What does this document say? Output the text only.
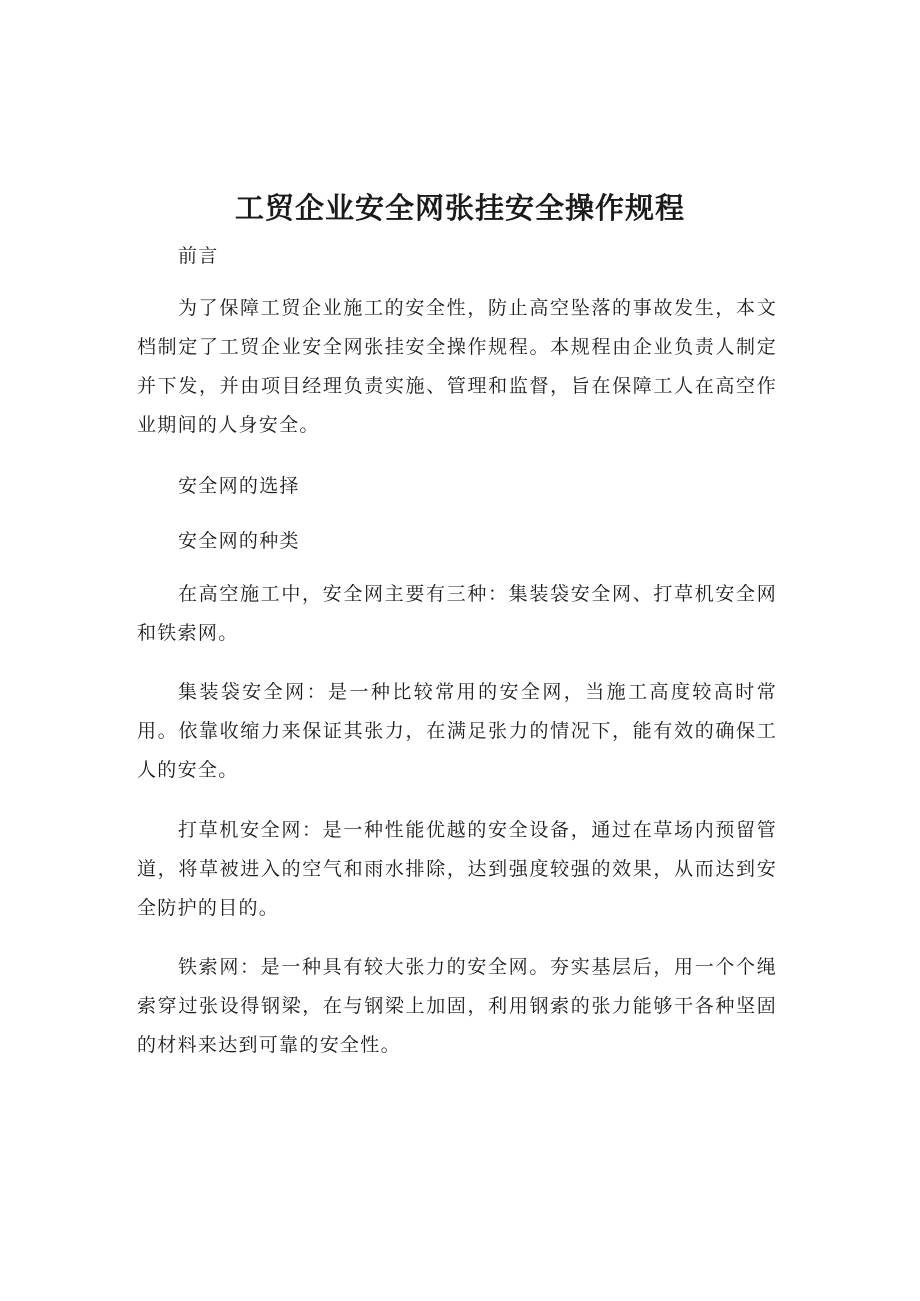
工贸企业安全网张挂安全操作规程

前言

为了保障工贸企业施工的安全性，防止高空坠落的事故发生，本文档制定了工贸企业安全网张挂安全操作规程。本规程由企业负责人制定并下发，并由项目经理负责实施、管理和监督，旨在保障工人在高空作业期间的人身安全。

安全网的选择

安全网的种类

在高空施工中，安全网主要有三种：集装袋安全网、打草机安全网和铁索网。

集装袋安全网：是一种比较常用的安全网，当施工高度较高时常用。依靠收缩力来保证其张力，在满足张力的情况下，能有效的确保工人的安全。

打草机安全网：是一种性能优越的安全设备，通过在草场内预留管道，将草被进入的空气和雨水排除，达到强度较强的效果，从而达到安全防护的目的。

铁索网：是一种具有较大张力的安全网。夯实基层后，用一个个绳索穿过张设得钢梁，在与钢梁上加固，利用钢索的张力能够干各种坚固的材料来达到可靠的安全性。
